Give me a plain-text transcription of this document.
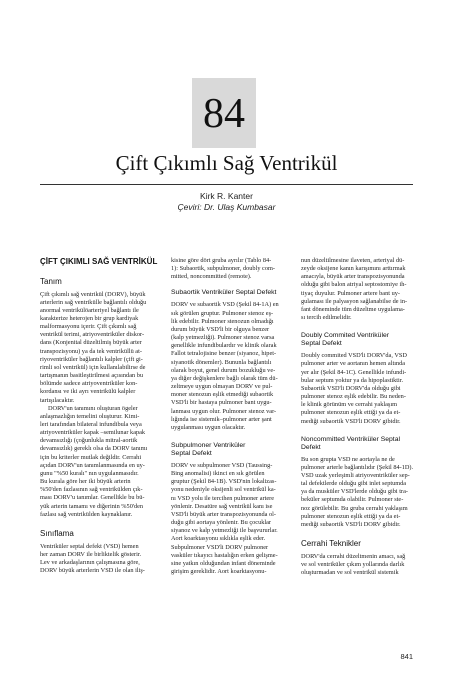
84
Çift Çıkımlı Sağ Ventrikül
Kirk R. Kanter
Çeviri: Dr. Ulaş Kumbasar
ÇİFT ÇIKIMLI SAĞ VENTRİKÜL
Tanım

Çift çıkımlı sağ ventrikül (DORV), büyük
arterlerin sağ ventrikülle bağlantılı olduğu
anormal ventrikülöarteriyel bağlantı ile
karakterize heterojen bir grup kardiyak
malformasyonu içerir. Çift çıkımlı sağ
ventrikül terimi, atriyoventriküler diskor-
dans (Konjenital düzeltilmiş büyük arter
transpozisyonu) ya da tek ventriküllü at-
riyoventriküler bağlantılı kalpler (çift gi-
rimli sol ventrikül) için kullanılabilirse de
tartışmanın basitleştirilmesi açısından bu
bölümde sadece atriyoventriküler kon-
kordansı ve iki ayrı ventrikülü kalpler
tartışılacaktır.

DORV'un tanımını oluşturan ögeler
anlaşmazlığın temelini oluşturur. Kimi-
leri tarafından bilateral infundibula veya
atriyoventriküler kapak –semilunar kapak
devamsızlığı (çoğunlukla mitral-aortik
devamsızlık) gereklı olsa da DORV tanımı
için bu kriterler mutlak değildir. Cerrahi
açıdan DORV'un tanımlanmasında en uy-
gunu "%50 kuralı" nın uygulanmasıdır.
Bu kurala göre her iki büyük arterin
%50'den fazlasının sağ ventrikülden çık-
ması DORV'u tanımlar. Genellikle bu bü-
yük arterin tamamı ve diğerinin %50'den
fazlası sağ ventrikülden kaynaklanır.

Sınıflama

Ventriküler septal defekt (VSD) hemen
her zaman DORV ile birliktelik gösterir.
Lev ve arkadaşlarının çalışmasına göre,
DORV büyük arterlerin VSD ile olan iliş-

kisine göre dört gruba ayrılır (Tablo 84-
1): Subaortik, subpulmoner, doubly com-
mitted, noncommitted (remote).

Subaortik Ventriküler Septal Defekt

DORV ve subaortik VSD (Şekil 84-1A) en
sık görülen gruptur. Pulmoner stenoz eş-
lik edebilir. Pulmoner stenozun olmadığı
durum büyük VSD'li bir olguya benzer
(kalp yetmezliği). Pulmoner stenoz varsa
genellikle infundibulardır ve klinik olarak
Fallot tetralojisine benzer (siyanoz, hipet-
siyanotik dönemler). Bununla bağlantılı
olarak boyut, genel durum bozukluğu ve-
ya diğer değişkenlere bağlı olarak tüm dü-
zeltmeye uygun olmayan DORV ve pul-
moner stenozun eşlik etmediği subaortik
VSD'li bir hastaya pulmoner bant uygu-
lanması uygun olur. Pulmoner stenoz var-
lığında ise sistemik–pulmoner arter şant
uygulanması uygun olacaktır.

Subpulmoner Ventriküler
Septal Defekt

DORV ve subpulmoner VSD (Taussing-
Bing anomalisi) ikinci en sık görülen
gruptur (Şekil 84-1B). VSD'nin lokalizas-
yonu nedeniyle oksijenli sol ventrikül ka-
nı VSD yolu ile tercihen pulmoner artere
yönlenir. Desatüre sağ ventrikül kanı ise
VSD'li büyük arter transpozisyonunda ol-
duğu gibi aortaya yönlenir. Bu çocuklar
siyanoz ve kalp yetmezliği ile başvururlar.
Aort koarktasyonu sıklıkla eşlik eder.
Subpulmoner VSD'li DORV pulmoner
vasküler tıkayıcı hastalığın erken gelişme-
sine yatkın olduğundan infant döneminde
girişim gereklidir. Aort koarktasyonu-

nun düzeltilmesine ilaveten, arteriyal dü-
zeyde oksijene kanın karışımını arttırmak
amacıyla, büyük arter transpozisyonunda
olduğu gibi balon atriyal septostomiye ih-
tiyaç duyulur. Pulmoner artere bant uy-
gulaması ile palyasyon sağlanabilse de in-
fant döneminde tüm düzeltme uygulama-
sı tercih edilmelidir.

Doubly Commited Ventriküler
Septal Defekt

Doubly commited VSD'li DORV'da, VSD
pulmoner arter ve aortanın hemen altında
yer alır (Şekil 84-1C). Genellikle infundi-
bular septum yoktur ya da hipoplastiktir.
Subaortik VSD'li DORV'da olduğu gibi
pulmoner stenoz eşlik edebilir. Bu neden-
le klinik görünüm ve cerrahi yaklaşım
pulmoner stenozun eşlik ettiği ya da et-
mediği subaortik VSD'li DORV gibidir.

Noncommitted Ventriküler Septal
Defekt

Bu son grupta VSD ne aortayla ne de
pulmoner arterle bağlantılıdır (Şekil 84-1D).
VSD uzak yerleşimli atriyoventriküler sep-
tal defektlerde olduğu gibi inlet septumda
ya da musküler VSD'lerde olduğu gibi tra-
beküler septumda olabilir. Pulmoner ste-
noz görülebilir. Bu gruba cerrahi yaklaşım
pulmoner stenozun eşlik ettiği ya da et-
mediği subaortik VSD'li DORV gibidir.

Cerrahi Teknikler

DORV'da cerrahi düzeltmenin amacı, sağ
ve sol ventriküler çıkım yollarında darlık
oluşturmadan ve sol ventrikül sistemik

841
